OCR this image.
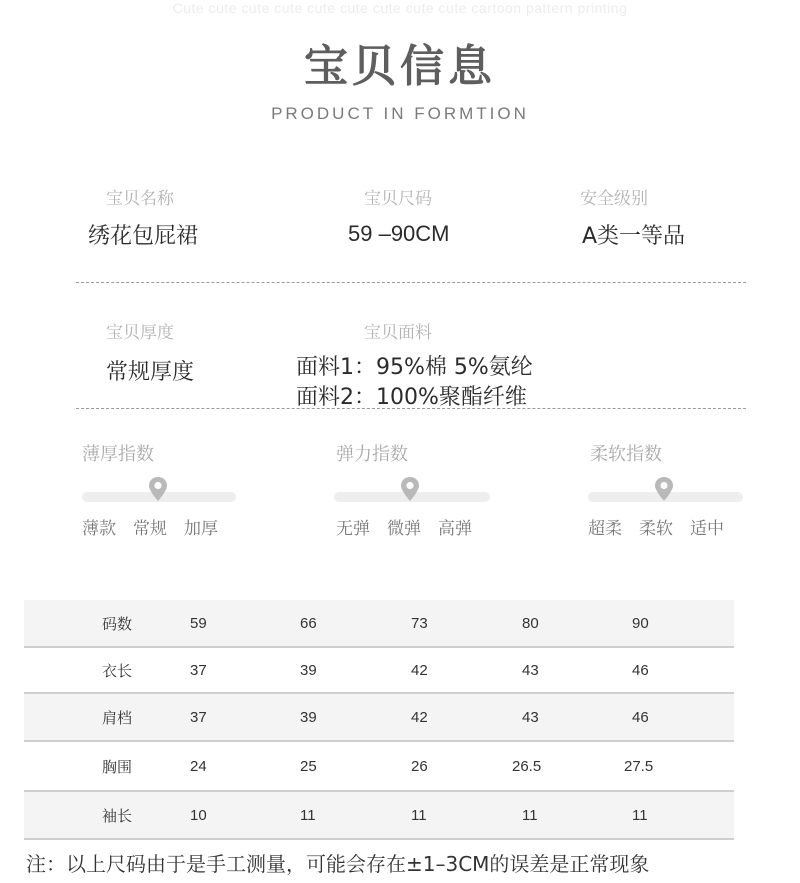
Cute cute cute cute cute cute cute cute cute cartoon pattern printing
宝贝信息
PRODUCT IN FORMTION
宝贝名称
绣花包屁裙
宝贝尺码
59 –90CM
安全级别
A类一等品
宝贝厚度
常规厚度
宝贝面料
面料1：95%棉 5%氨纶
面料2：100%聚酯纤维
薄厚指数
薄款 常规 加厚
弹力指数
无弹 微弹 高弹
柔软指数
超柔 柔软 适中
码数	59	66	73	80	90
衣长	37	39	42	43	46
肩档	37	39	42	43	46
胸围	24	25	26	26.5	27.5
袖长	10	11	11	11	11
注：以上尺码由于是手工测量，可能会存在±1–3CM的误差是正常现象
